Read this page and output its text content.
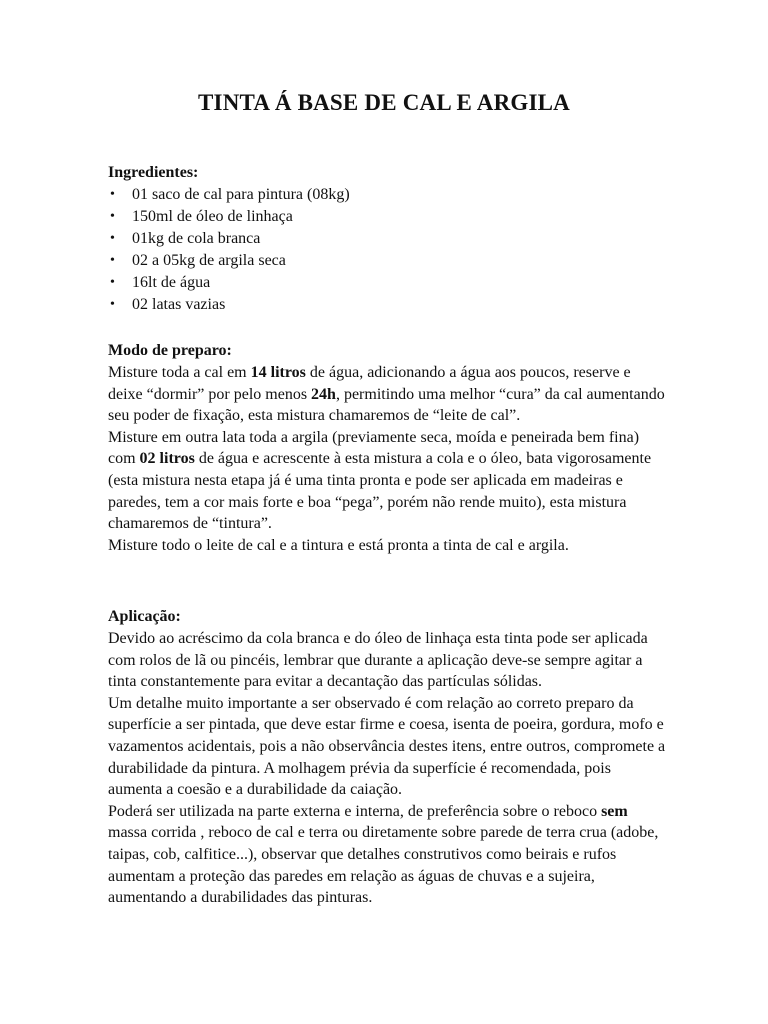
TINTA Á BASE DE CAL E ARGILA

Ingredientes:

• 01 saco de cal para pintura (08kg)
• 150ml de óleo de linhaça
• 01kg de cola branca
• 02 a 05kg de argila seca
• 16lt de água
• 02 latas vazias

Modo de preparo:

Misture toda a cal em 14 litros de água, adicionando a água aos poucos, reserve e deixe “dormir” por pelo menos 24h, permitindo uma melhor “cura” da cal aumentando seu poder de fixação, esta mistura chamaremos de “leite de cal”.

Misture em outra lata toda a argila (previamente seca, moída e peneirada bem fina) com 02 litros de água e acrescente à esta mistura a cola e o óleo, bata vigorosamente (esta mistura nesta etapa já é uma tinta pronta e pode ser aplicada em madeiras e paredes, tem a cor mais forte e boa “pega”, porém não rende muito), esta mistura chamaremos de “tintura”.

Misture todo o leite de cal e a tintura e está pronta a tinta de cal e argila.

Aplicação:

Devido ao acréscimo da cola branca e do óleo de linhaça esta tinta pode ser aplicada com rolos de lã ou pincéis, lembrar que durante a aplicação deve-se sempre agitar a tinta constantemente para evitar a decantação das partículas sólidas.

Um detalhe muito importante a ser observado é com relação ao correto preparo da superfície a ser pintada, que deve estar firme e coesa, isenta de poeira, gordura, mofo e vazamentos acidentais, pois a não observância destes itens, entre outros, compromete a durabilidade da pintura. A molhagem prévia da superfície é recomendada, pois aumenta a coesão e a durabilidade da caiação.

Poderá ser utilizada na parte externa e interna, de preferência sobre o reboco sem massa corrida , reboco de cal e terra ou diretamente sobre parede de terra crua (adobe, taipas, cob, calfitice...), observar que detalhes construtivos como beirais e rufos aumentam a proteção das paredes em relação as águas de chuvas e a sujeira, aumentando a durabilidades das pinturas.
